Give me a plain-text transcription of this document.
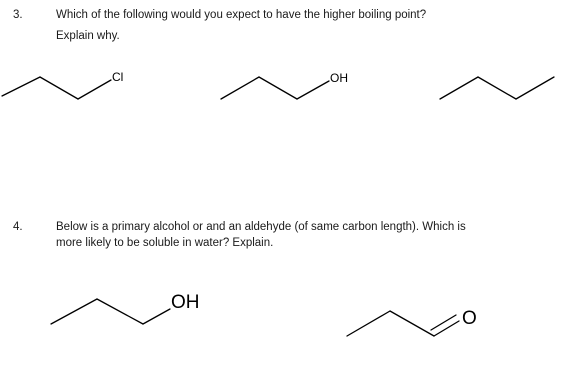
3.	Which of the following would you expect to have the higher boiling point?
Explain why.
4.	Below is a primary alcohol or and an aldehyde (of same carbon length). Which is
more likely to be soluble in water? Explain.
Cl	OH
OH
O
